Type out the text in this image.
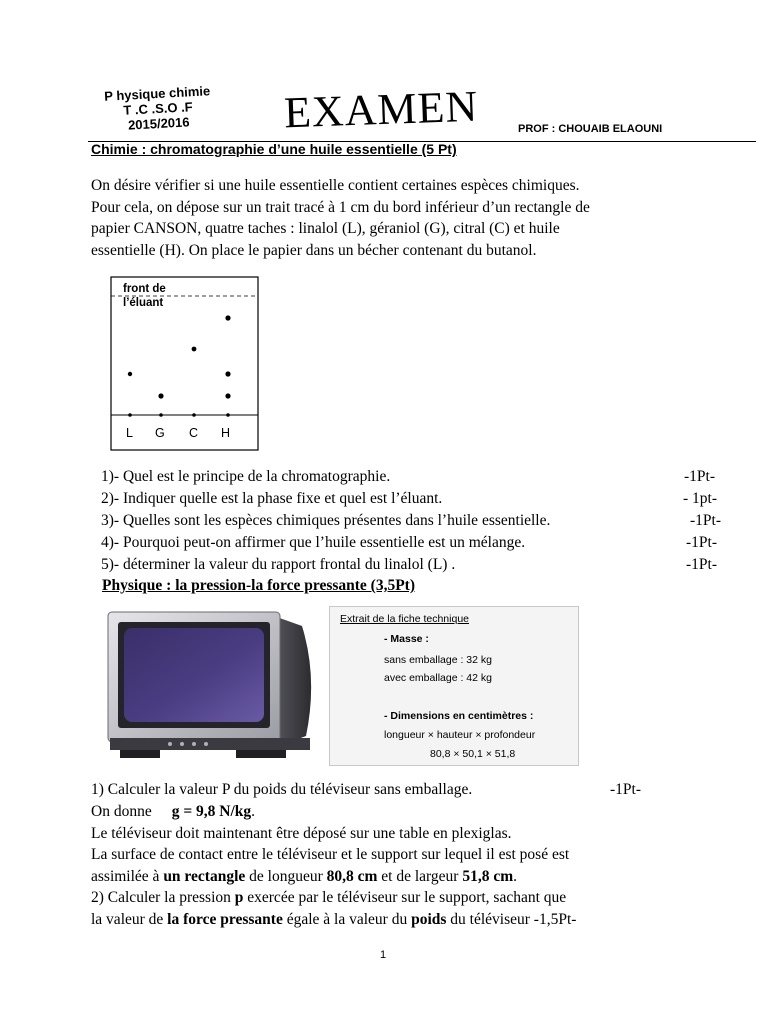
P hysique chimie
T .C .S.O .F
2015/2016	EXAMEN	PROF : CHOUAIB ELAOUNI
Chimie : chromatographie d’une huile essentielle (5 Pt)
On désire vérifier si une huile essentielle contient certaines espèces chimiques.
Pour cela, on dépose sur un trait tracé à 1 cm du bord inférieur d’un rectangle de
papier CANSON, quatre taches : linalol (L), géraniol (G), citral (C) et huile
essentielle (H). On place le papier dans un bécher contenant du butanol.
front de
l’éluant
L G C H
1)- Quel est le principe de la chromatographie.	-1Pt-
2)- Indiquer quelle est la phase fixe et quel est l’éluant.	- 1pt-
3)- Quelles sont les espèces chimiques présentes dans l’huile essentielle.	-1Pt-
4)- Pourquoi peut-on affirmer que l’huile essentielle est un mélange.	-1Pt-
5)- déterminer la valeur du rapport frontal du linalol (L) .	-1Pt-
Physique : la pression-la force pressante (3,5Pt)
Extrait de la fiche technique
- Masse :
sans emballage : 32 kg
avec emballage : 42 kg
- Dimensions en centimètres :
longueur × hauteur × profondeur
80,8 × 50,1 × 51,8
1) Calculer la valeur P du poids du téléviseur sans emballage.	-1Pt-
On donne g = 9,8 N/kg.
Le téléviseur doit maintenant être déposé sur une table en plexiglas.
La surface de contact entre le téléviseur et le support sur lequel il est posé est
assimilée à un rectangle de longueur 80,8 cm et de largeur 51,8 cm.
2) Calculer la pression p exercée par le téléviseur sur le support, sachant que
la valeur de la force pressante égale à la valeur du poids du téléviseur -1,5Pt-
1
